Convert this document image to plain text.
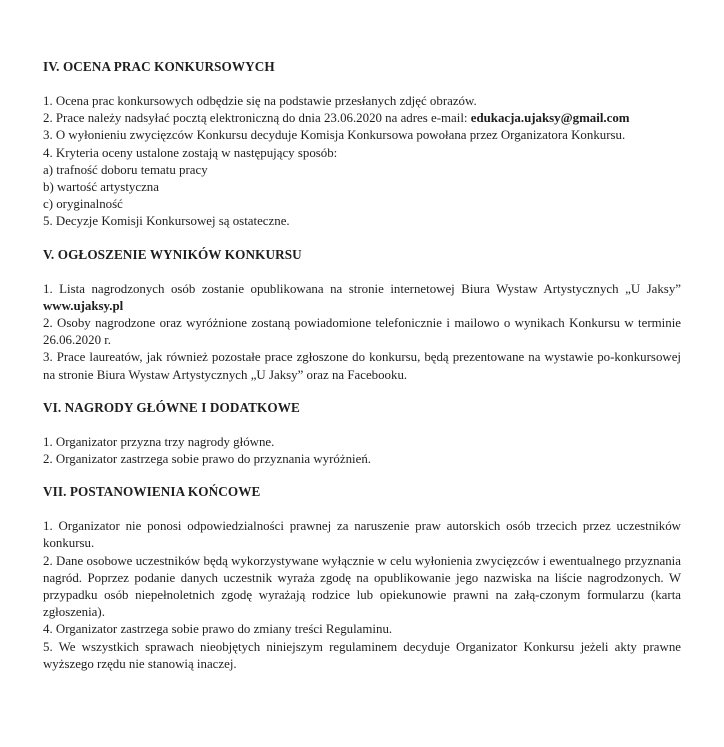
IV. OCENA PRAC KONKURSOWYCH

1. Ocena prac konkursowych odbędzie się na podstawie przesłanych zdjęć obrazów.

2. Prace należy nadsyłać pocztą elektroniczną do dnia 23.06.2020 na adres e-mail: edukacja.ujaksy@gmail.com

3. O wyłonieniu zwycięzców Konkursu decyduje Komisja Konkursowa powołana przez Organizatora Konkursu.

4. Kryteria oceny ustalone zostają w następujący sposób:

a) trafność doboru tematu pracy

b) wartość artystyczna

c) oryginalność

5. Decyzje Komisji Konkursowej są ostateczne.

V. OGŁOSZENIE WYNIKÓW KONKURSU

1. Lista nagrodzonych osób zostanie opublikowana na stronie internetowej Biura Wystaw Artystycznych „U Jaksy” www.ujaksy.pl

2. Osoby nagrodzone oraz wyróżnione zostaną powiadomione telefonicznie i mailowo o wynikach Konkursu w terminie 26.06.2020 r.

3. Prace laureatów, jak również pozostałe prace zgłoszone do konkursu, będą prezentowane na wystawie po-konkursowej na stronie Biura Wystaw Artystycznych „U Jaksy” oraz na Facebooku.

VI. NAGRODY GŁÓWNE I DODATKOWE

1. Organizator przyzna trzy nagrody główne.

2. Organizator zastrzega sobie prawo do przyznania wyróżnień.

VII. POSTANOWIENIA KOŃCOWE

1. Organizator nie ponosi odpowiedzialności prawnej za naruszenie praw autorskich osób trzecich przez uczestników konkursu.

2. Dane osobowe uczestników będą wykorzystywane wyłącznie w celu wyłonienia zwycięzców i ewentualnego przyznania nagród. Poprzez podanie danych uczestnik wyraża zgodę na opublikowanie jego nazwiska na liście nagrodzonych. W przypadku osób niepełnoletnich zgodę wyrażają rodzice lub opiekunowie prawni na załą-czonym formularzu (karta zgłoszenia).

4. Organizator zastrzega sobie prawo do zmiany treści Regulaminu.

5. We wszystkich sprawach nieobjętych niniejszym regulaminem decyduje Organizator Konkursu jeżeli akty prawne wyższego rzędu nie stanowią inaczej.
